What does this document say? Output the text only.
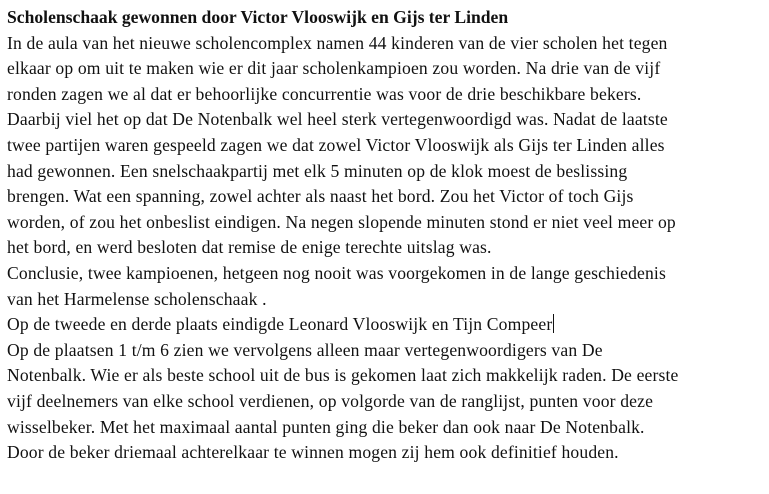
Scholenschaak gewonnen door Victor Vlooswijk en Gijs ter Linden
In de aula van het nieuwe scholencomplex namen 44 kinderen van de vier scholen het tegen
elkaar op om uit te maken wie er dit jaar scholenkampioen zou worden. Na drie van de vijf
ronden zagen we al dat er behoorlijke concurrentie was voor de drie beschikbare bekers.
Daarbij viel het op dat De Notenbalk wel heel sterk vertegenwoordigd was. Nadat de laatste
twee partijen waren gespeeld zagen we dat zowel Victor Vlooswijk als Gijs ter Linden alles
had gewonnen. Een snelschaakpartij met elk 5 minuten op de klok moest de beslissing
brengen. Wat een spanning, zowel achter als naast het bord. Zou het Victor of toch Gijs
worden, of zou het onbeslist eindigen. Na negen slopende minuten stond er niet veel meer op
het bord, en werd besloten dat remise de enige terechte uitslag was.
Conclusie, twee kampioenen, hetgeen nog nooit was voorgekomen in de lange geschiedenis
van het Harmelense scholenschaak .
Op de tweede en derde plaats eindigde Leonard Vlooswijk en Tijn Compeer
Op de plaatsen 1 t/m 6 zien we vervolgens alleen maar vertegenwoordigers van De
Notenbalk. Wie er als beste school uit de bus is gekomen laat zich makkelijk raden. De eerste
vijf deelnemers van elke school verdienen, op volgorde van de ranglijst, punten voor deze
wisselbeker. Met het maximaal aantal punten ging die beker dan ook naar De Notenbalk.
Door de beker driemaal achterelkaar te winnen mogen zij hem ook definitief houden.
